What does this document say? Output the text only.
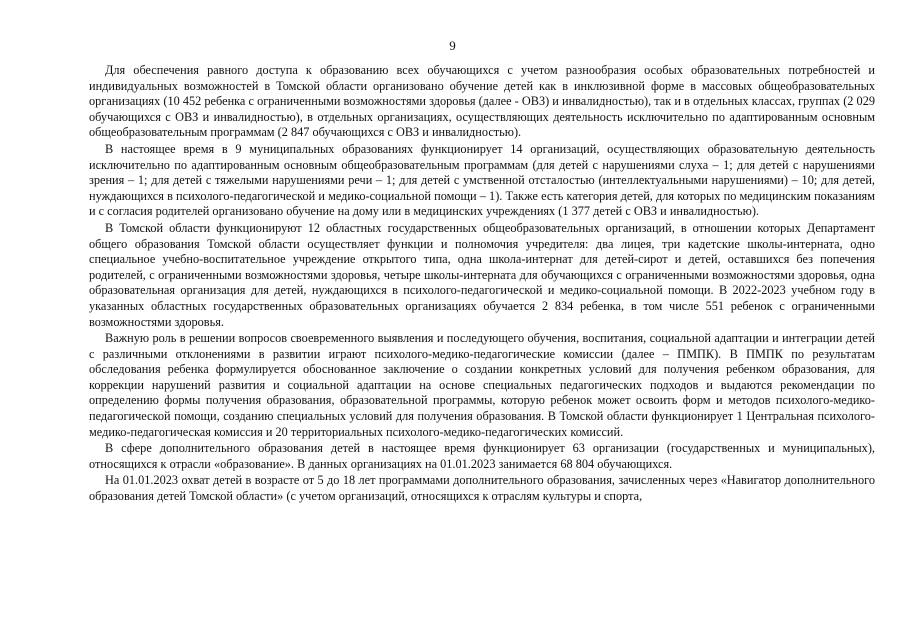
9

Для обеспечения равного доступа к образованию всех обучающихся с учетом разнообразия особых образовательных потребностей и индивидуальных возможностей в Томской области организовано обучение детей как в инклюзивной форме в массовых общеобразовательных организациях (10 452 ребенка с ограниченными возможностями здоровья (далее - ОВЗ) и инвалидностью), так и в отдельных классах, группах (2 029 обучающихся с ОВЗ и инвалидностью), в отдельных организациях, осуществляющих деятельность исключительно по адаптированным основным общеобразовательным программам (2 847 обучающихся с ОВЗ и инвалидностью).

В настоящее время в 9 муниципальных образованиях функционирует 14 организаций, осуществляющих образовательную деятельность исключительно по адаптированным основным общеобразовательным программам (для детей с нарушениями слуха – 1; для детей с нарушениями зрения – 1; для детей с тяжелыми нарушениями речи – 1; для детей с умственной отсталостью (интеллектуальными нарушениями) – 10; для детей, нуждающихся в психолого-педагогической и медико-социальной помощи – 1). Также есть категория детей, для которых по медицинским показаниям и с согласия родителей организовано обучение на дому или в медицинских учреждениях (1 377 детей с ОВЗ и инвалидностью).

В Томской области функционируют 12 областных государственных общеобразовательных организаций, в отношении которых Департамент общего образования Томской области осуществляет функции и полномочия учредителя: два лицея, три кадетские школы-интерната, одно специальное учебно-воспитательное учреждение открытого типа, одна школа-интернат для детей-сирот и детей, оставшихся без попечения родителей, с ограниченными возможностями здоровья, четыре школы-интерната для обучающихся с ограниченными возможностями здоровья, одна образовательная организация для детей, нуждающихся в психолого-педагогической и медико-социальной помощи. В 2022-2023 учебном году в указанных областных государственных образовательных организациях обучается 2 834 ребенка, в том числе 551 ребенок с ограниченными возможностями здоровья.

Важную роль в решении вопросов своевременного выявления и последующего обучения, воспитания, социальной адаптации и интеграции детей с различными отклонениями в развитии играют психолого-медико-педагогические комиссии (далее – ПМПК). В ПМПК по результатам обследования ребенка формулируется обоснованное заключение о создании конкретных условий для получения ребенком образования, для коррекции нарушений развития и социальной адаптации на основе специальных педагогических подходов и выдаются рекомендации по определению формы получения образования, образовательной программы, которую ребенок может освоить форм и методов психолого-медико-педагогической помощи, созданию специальных условий для получения образования. В Томской области функционирует 1 Центральная психолого-медико-педагогическая комиссия и 20 территориальных психолого-медико-педагогических комиссий.

В сфере дополнительного образования детей в настоящее время функционирует 63 организации (государственных и муниципальных), относящихся к отрасли «образование». В данных организациях на 01.01.2023 занимается 68 804 обучающихся.

На 01.01.2023 охват детей в возрасте от 5 до 18 лет программами дополнительного образования, зачисленных через «Навигатор дополнительного образования детей Томской области» (с учетом организаций, относящихся к отраслям культуры и спорта,
